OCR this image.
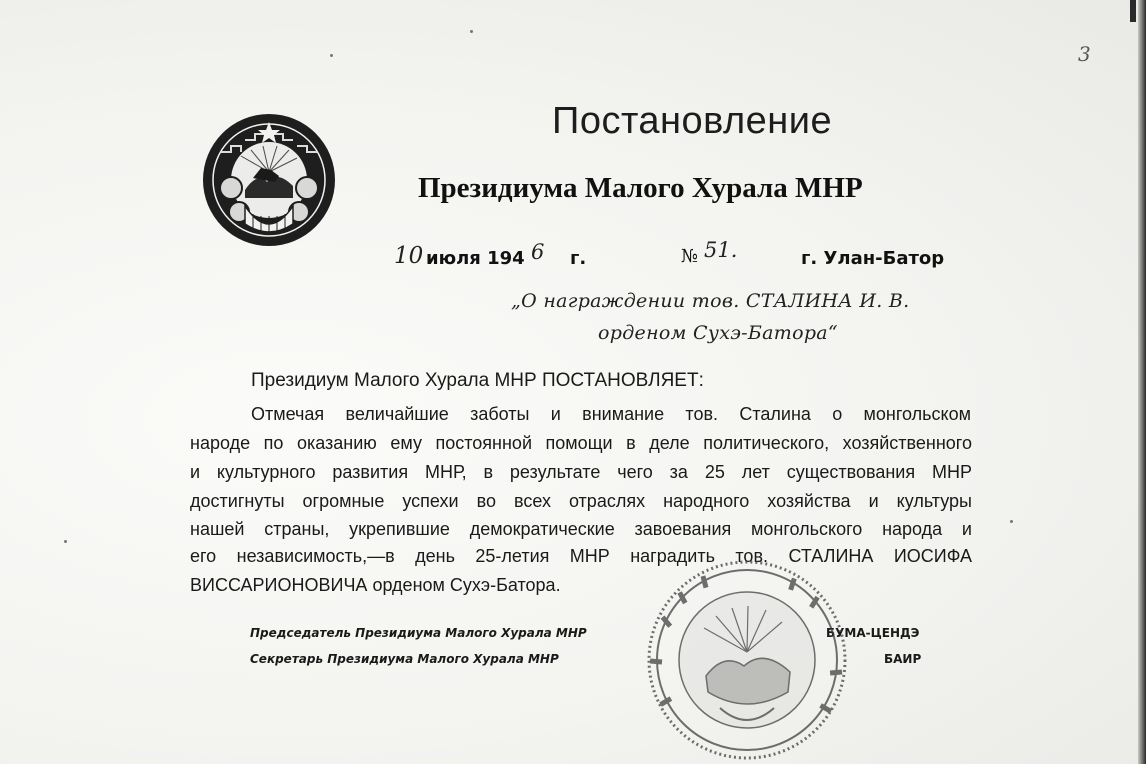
3
Постановление
Президиума Малого Хурала МНР
10 июля 194 6 г.	№ 51.	г. Улан-Батор
„О награждении тов. СТАЛИНА И. В.
орденом Сухэ-Батора“
Президиум Малого Хурала МНР ПОСТАНОВЛЯЕТ:
Отмечая величайшие заботы и внимание тов. Сталина о монгольском
народе по оказанию ему постоянной помощи в деле политического, хозяйственного
и культурного развития МНР, в результате чего за 25 лет существования МНР
достигнуты огромные успехи во всех отраслях народного хозяйства и культуры
нашей страны, укрепившие демократические завоевания монгольского народа и
его независимость,—в день 25-летия МНР наградить тов. СТАЛИНА ИОСИФА
ВИССАРИОНОВИЧА орденом Сухэ-Батора.
Председатель Президиума Малого Хурала МНР	БУМА-ЦЕНДЭ
Секретарь Президиума Малого Хурала МНР	БАИР
